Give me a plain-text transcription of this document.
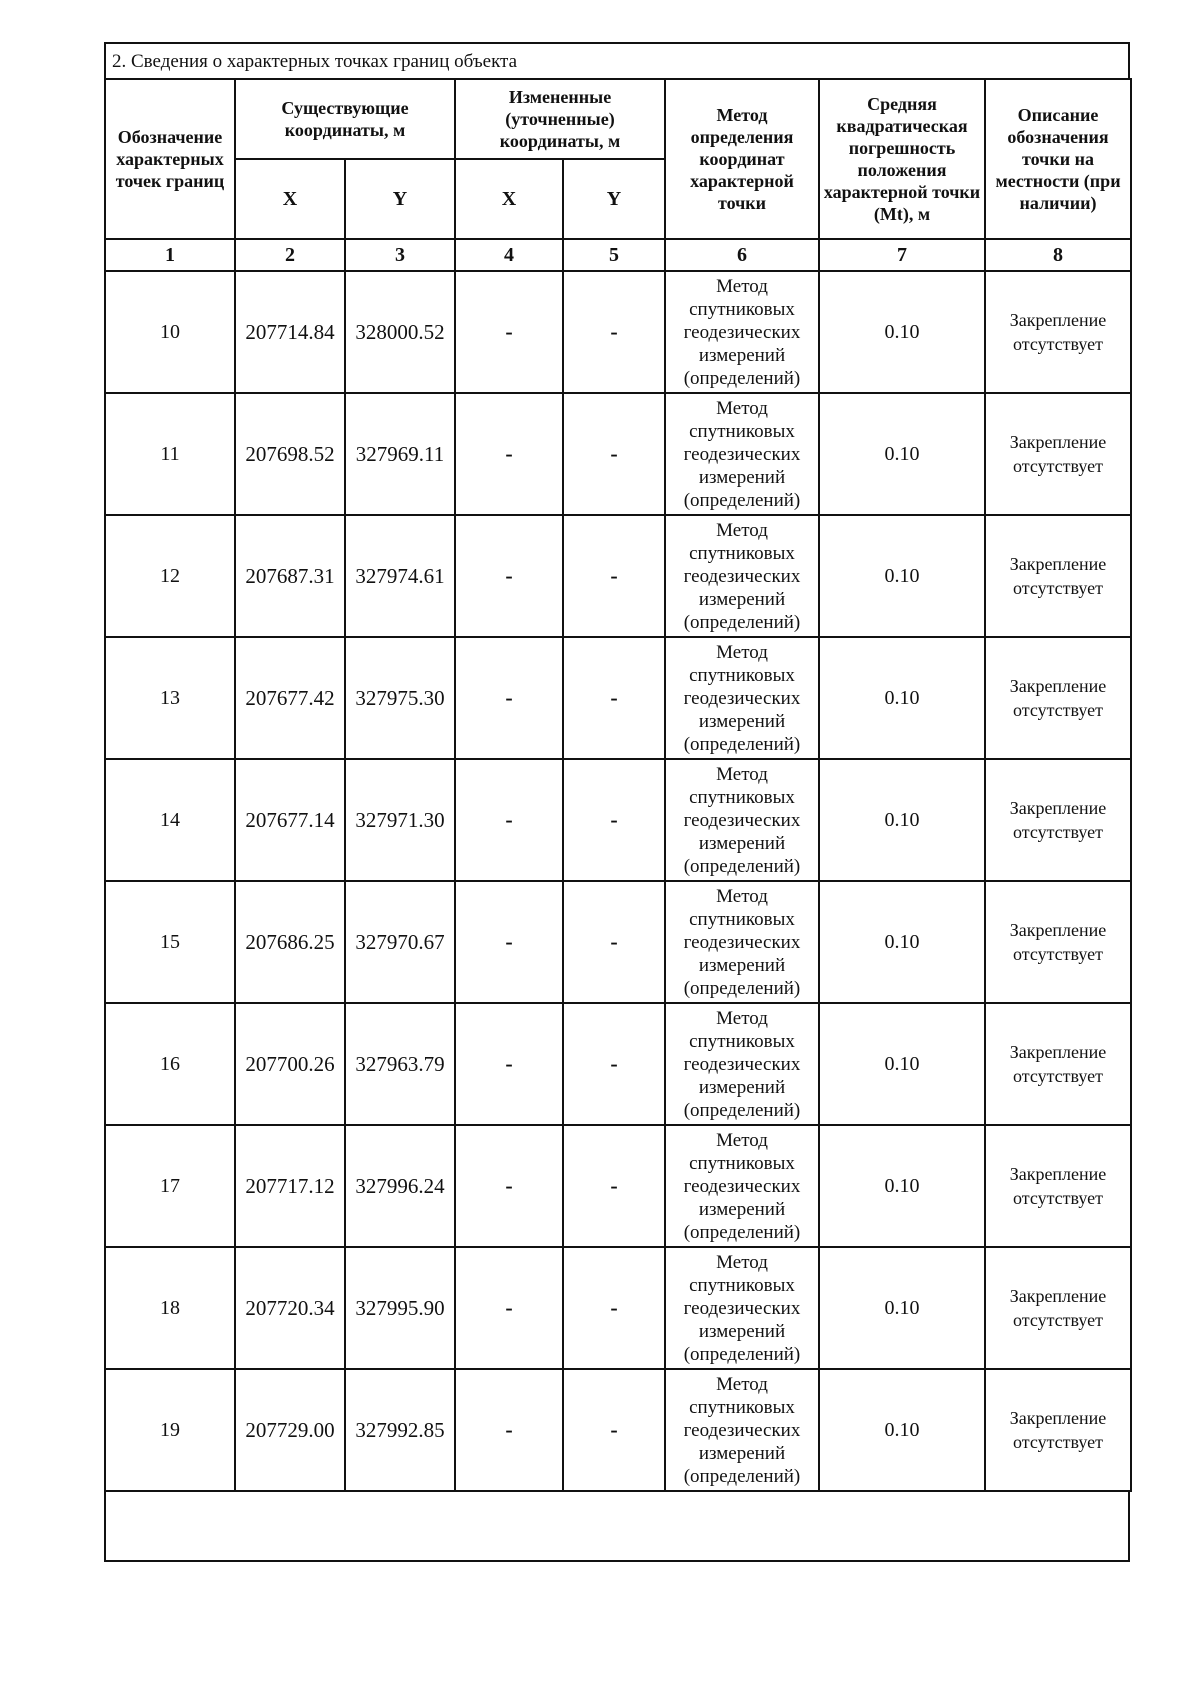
2. Сведения о характерных точках границ объекта
Обозначение характерных точек границ	Существующие координаты, м		Измененные (уточненные) координаты, м		Метод определения координат характерной точки	Средняя квадратическая погрешность положения характерной точки (Mt), м	Описание обозначения точки на местности (при наличии)
	X	Y	X	Y			
1	2	3	4	5	6	7	8
10	207714.84	328000.52	-	-	Метод спутниковых геодезических измерений (определений)	0.10	Закрепление отсутствует
11	207698.52	327969.11	-	-	Метод спутниковых геодезических измерений (определений)	0.10	Закрепление отсутствует
12	207687.31	327974.61	-	-	Метод спутниковых геодезических измерений (определений)	0.10	Закрепление отсутствует
13	207677.42	327975.30	-	-	Метод спутниковых геодезических измерений (определений)	0.10	Закрепление отсутствует
14	207677.14	327971.30	-	-	Метод спутниковых геодезических измерений (определений)	0.10	Закрепление отсутствует
15	207686.25	327970.67	-	-	Метод спутниковых геодезических измерений (определений)	0.10	Закрепление отсутствует
16	207700.26	327963.79	-	-	Метод спутниковых геодезических измерений (определений)	0.10	Закрепление отсутствует
17	207717.12	327996.24	-	-	Метод спутниковых геодезических измерений (определений)	0.10	Закрепление отсутствует
18	207720.34	327995.90	-	-	Метод спутниковых геодезических измерений (определений)	0.10	Закрепление отсутствует
19	207729.00	327992.85	-	-	Метод спутниковых геодезических измерений (определений)	0.10	Закрепление отсутствует
